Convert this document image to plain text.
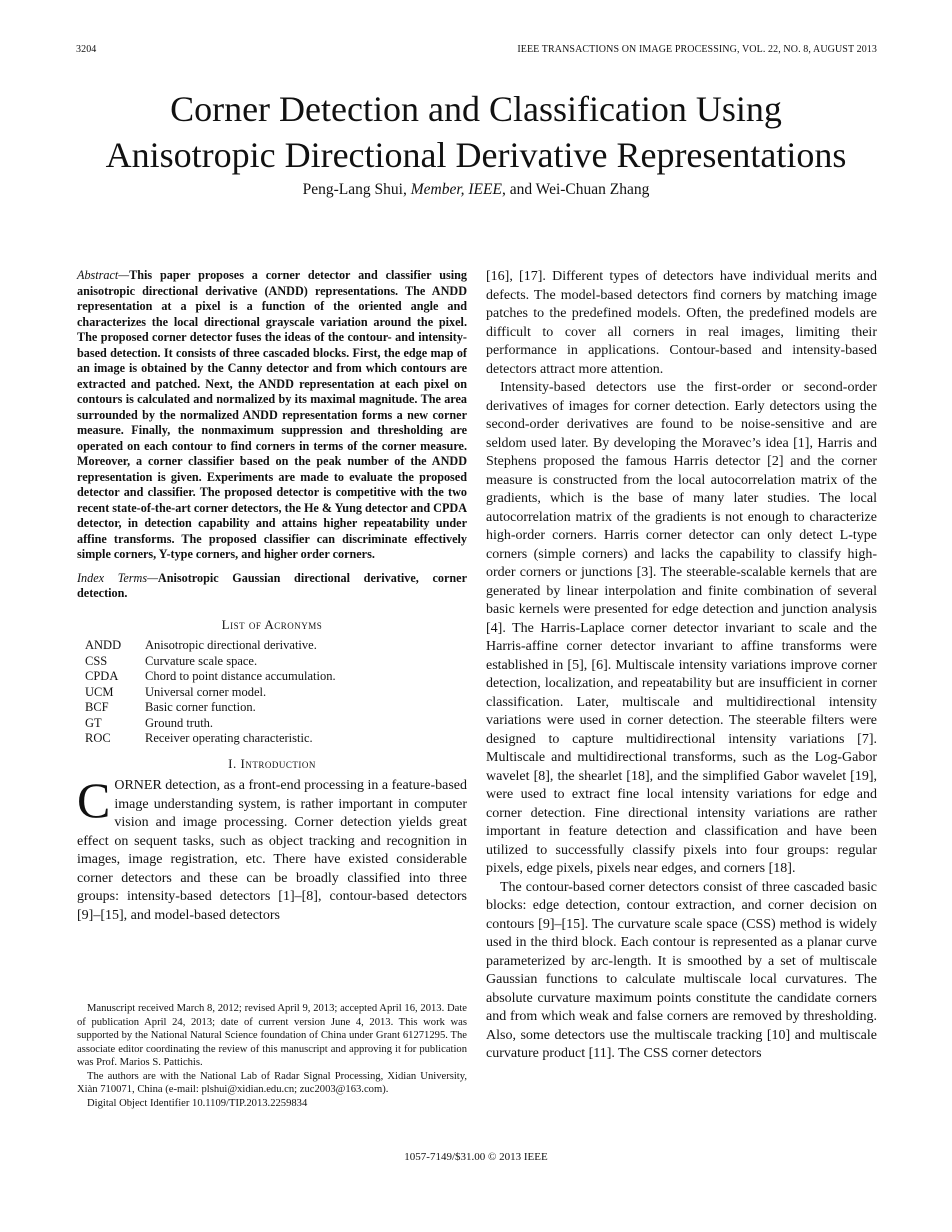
3204	IEEE TRANSACTIONS ON IMAGE PROCESSING, VOL. 22, NO. 8, AUGUST 2013
Corner Detection and Classification Using
Anisotropic Directional Derivative Representations
Peng-Lang Shui, Member, IEEE, and Wei-Chuan Zhang

Abstract—This paper proposes a corner detector and classifier using anisotropic directional derivative (ANDD) representations. The ANDD representation at a pixel is a function of the oriented angle and characterizes the local directional grayscale variation around the pixel. The proposed corner detector fuses the ideas of the contour- and intensity-based detection. It consists of three cascaded blocks. First, the edge map of an image is obtained by the Canny detector and from which contours are extracted and patched. Next, the ANDD representation at each pixel on contours is calculated and normalized by its maximal magnitude. The area surrounded by the normalized ANDD representation forms a new corner measure. Finally, the nonmaximum suppression and thresholding are operated on each contour to find corners in terms of the corner measure. Moreover, a corner classifier based on the peak number of the ANDD representation is given. Experiments are made to evaluate the proposed detector and classifier. The proposed detector is competitive with the two recent state-of-the-art corner detectors, the He & Yung detector and CPDA detector, in detection capability and attains higher repeatability under affine transforms. The proposed classifier can discriminate effectively simple corners, Y-type corners, and higher order corners.

Index Terms—Anisotropic Gaussian directional derivative, corner detection.

List of Acronyms
ANDD	Anisotropic directional derivative.
CSS	Curvature scale space.
CPDA	Chord to point distance accumulation.
UCM	Universal corner model.
BCF	Basic corner function.
GT	Ground truth.
ROC	Receiver operating characteristic.
I. Introduction

CORNER detection, as a front-end processing in a feature-based image understanding system, is rather important in computer vision and image processing. Corner detection yields great effect on sequent tasks, such as object tracking and recognition in images, image registration, etc. There have existed considerable corner detectors and these can be broadly classified into three groups: intensity-based detectors [1]–[8], contour-based detectors [9]–[15], and model-based detectors

Manuscript received March 8, 2012; revised April 9, 2013; accepted April 16, 2013. Date of publication April 24, 2013; date of current version June 4, 2013. This work was supported by the National Natural Science foundation of China under Grant 61271295. The associate editor coordinating the review of this manuscript and approving it for publication was Prof. Marios S. Pattichis.

The authors are with the National Lab of Radar Signal Processing, Xidian University, Xiàn 710071, China (e-mail: plshui@xidian.edu.cn; zuc2003@163.com).

Digital Object Identifier 10.1109/TIP.2013.2259834

[16], [17]. Different types of detectors have individual merits and defects. The model-based detectors find corners by matching image patches to the predefined models. Often, the predefined models are difficult to cover all corners in real images, limiting their performance in applications. Contour-based and intensity-based detectors attract more attention.

Intensity-based detectors use the first-order or second-order derivatives of images for corner detection. Early detectors using the second-order derivatives are found to be noise-sensitive and are seldom used later. By developing the Moravec’s idea [1], Harris and Stephens proposed the famous Harris detector [2] and the corner measure is constructed from the local autocorrelation matrix of the gradients, which is the base of many later studies. The local autocorrelation matrix of the gradients is not enough to characterize high-order corners. Harris corner detector can only detect L-type corners (simple corners) and lacks the capability to classify high-order corners or junctions [3]. The steerable-scalable kernels that are generated by linear interpolation and finite combination of several basic kernels were presented for edge detection and junction analysis [4]. The Harris-Laplace corner detector invariant to scale and the Harris-affine corner detector invariant to affine transforms were established in [5], [6]. Multiscale intensity variations improve corner detection, localization, and repeatability but are insufficient in corner classification. Later, multiscale and multidirectional intensity variations were used in corner detection. The steerable filters were designed to capture multidirectional intensity variations [7]. Multiscale and multidirectional transforms, such as the Log-Gabor wavelet [8], the shearlet [18], and the simplified Gabor wavelet [19], were used to extract fine local intensity variations for edge and corner detection. Fine directional intensity variations are rather important in feature detection and classification and have been utilized to successfully classify pixels into four groups: regular pixels, edge pixels, pixels near edges, and corners [18].

The contour-based corner detectors consist of three cascaded basic blocks: edge detection, contour extraction, and corner decision on contours [9]–[15]. The curvature scale space (CSS) method is widely used in the third block. Each contour is represented as a planar curve parameterized by arc-length. It is smoothed by a set of multiscale Gaussian functions to calculate multiscale local curvatures. The absolute curvature maximum points constitute the candidate corners and from which weak and false corners are removed by thresholding. Also, some detectors use the multiscale tracking [10] and multiscale curvature product [11]. The CSS corner detectors

1057-7149/$31.00 © 2013 IEEE
